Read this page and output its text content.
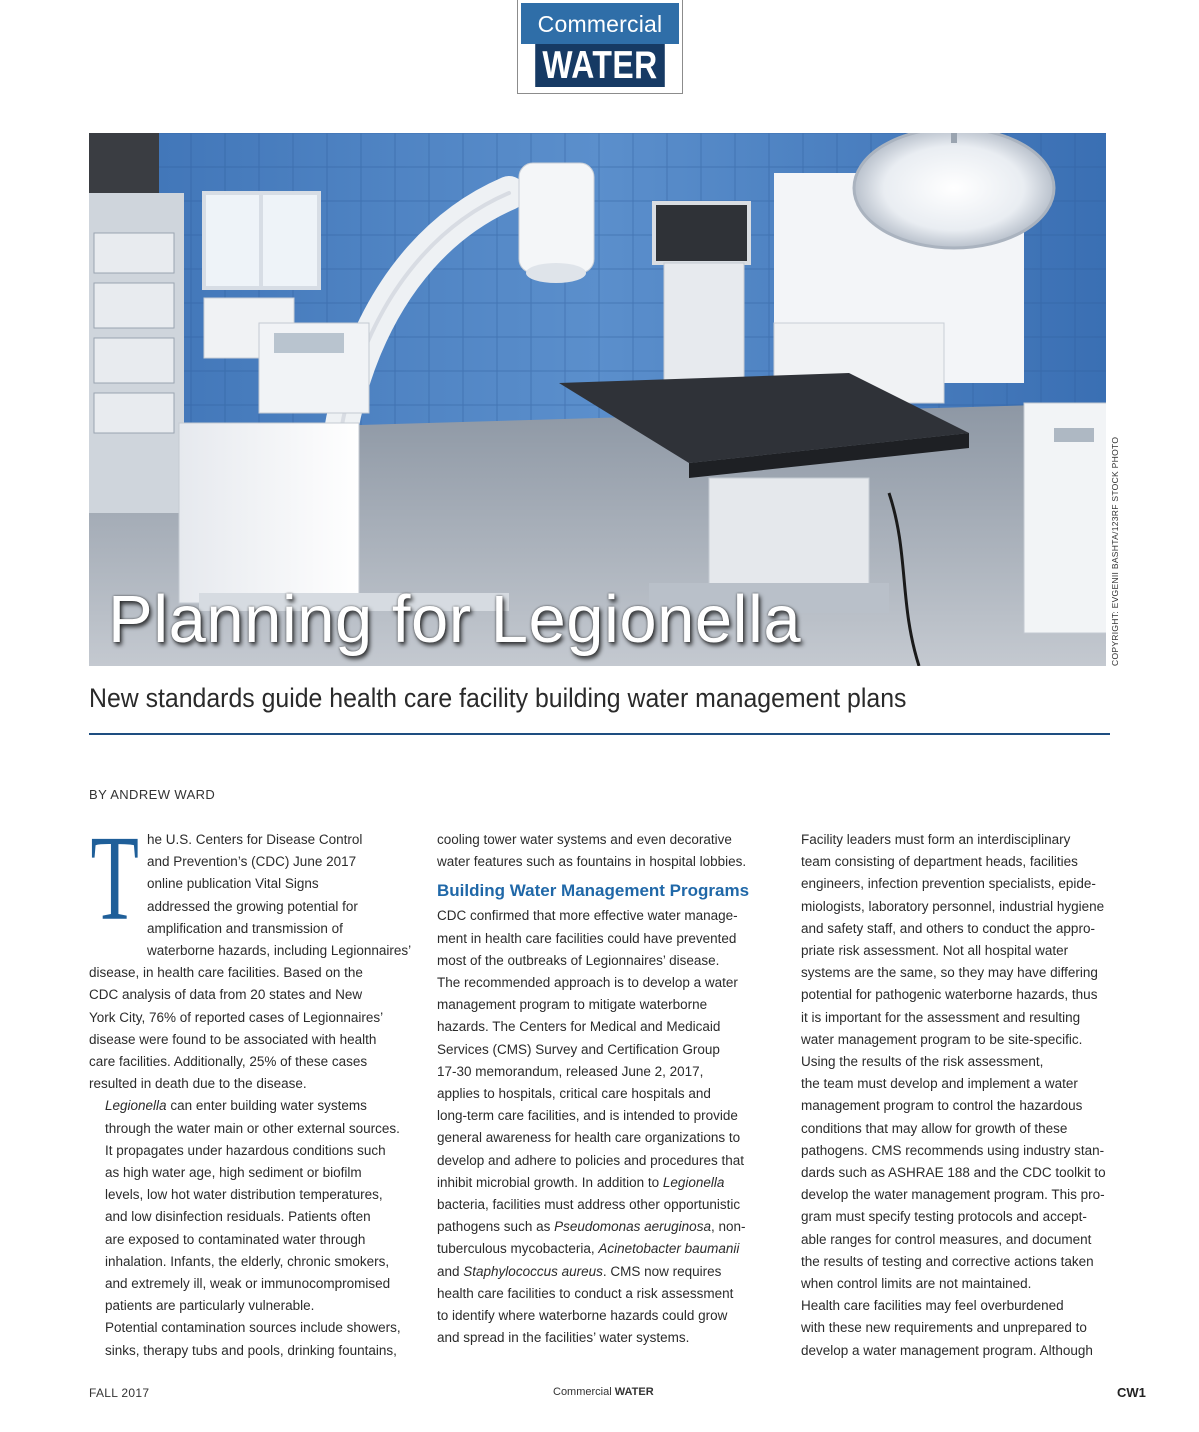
Commercial
WATER
Planning for Legionella	COPYRIGHT: EVGENII BASHTA/123RF STOCK PHOTO
New standards guide health care facility building water management plans
BY ANDREW WARD

T he U.S. Centers for Disease Control
and Prevention’s (CDC) June 2017
online publication Vital Signs
addressed the growing potential for
amplification and transmission of
waterborne hazards, including Legionnaires’
disease, in health care facilities. Based on the
CDC analysis of data from 20 states and New
York City, 76% of reported cases of Legionnaires’
disease were found to be associated with health
care facilities. Additionally, 25% of these cases
resulted in death due to the disease.

Legionella can enter building water systems
through the water main or other external sources.
It propagates under hazardous conditions such
as high water age, high sediment or biofilm
levels, low hot water distribution temperatures,
and low disinfection residuals. Patients often
are exposed to contaminated water through
inhalation. Infants, the elderly, chronic smokers,
and extremely ill, weak or immunocompromised
patients are particularly vulnerable.

Potential contamination sources include showers,
sinks, therapy tubs and pools, drinking fountains,

cooling tower water systems and even decorative
water features such as fountains in hospital lobbies.

Building Water Management Programs

CDC confirmed that more effective water manage-
ment in health care facilities could have prevented
most of the outbreaks of Legionnaires’ disease.
The recommended approach is to develop a water
management program to mitigate waterborne
hazards. The Centers for Medical and Medicaid
Services (CMS) Survey and Certification Group
17-30 memorandum, released June 2, 2017,
applies to hospitals, critical care hospitals and
long-term care facilities, and is intended to provide
general awareness for health care organizations to
develop and adhere to policies and procedures that
inhibit microbial growth. In addition to Legionella
bacteria, facilities must address other opportunistic
pathogens such as Pseudomonas aeruginosa, non-
tuberculous mycobacteria, Acinetobacter baumanii
and Staphylococcus aureus. CMS now requires
health care facilities to conduct a risk assessment
to identify where waterborne hazards could grow
and spread in the facilities’ water systems.

Facility leaders must form an interdisciplinary
team consisting of department heads, facilities
engineers, infection prevention specialists, epide-
miologists, laboratory personnel, industrial hygiene
and safety staff, and others to conduct the appro-
priate risk assessment. Not all hospital water
systems are the same, so they may have differing
potential for pathogenic waterborne hazards, thus
it is important for the assessment and resulting
water management program to be site-specific.

Using the results of the risk assessment,
the team must develop and implement a water
management program to control the hazardous
conditions that may allow for growth of these
pathogens. CMS recommends using industry stan-
dards such as ASHRAE 188 and the CDC toolkit to
develop the water management program. This pro-
gram must specify testing protocols and accept-
able ranges for control measures, and document
the results of testing and corrective actions taken
when control limits are not maintained.

Health care facilities may feel overburdened
with these new requirements and unprepared to
develop a water management program. Although

FALL 2017	Commercial WATER	CW1
